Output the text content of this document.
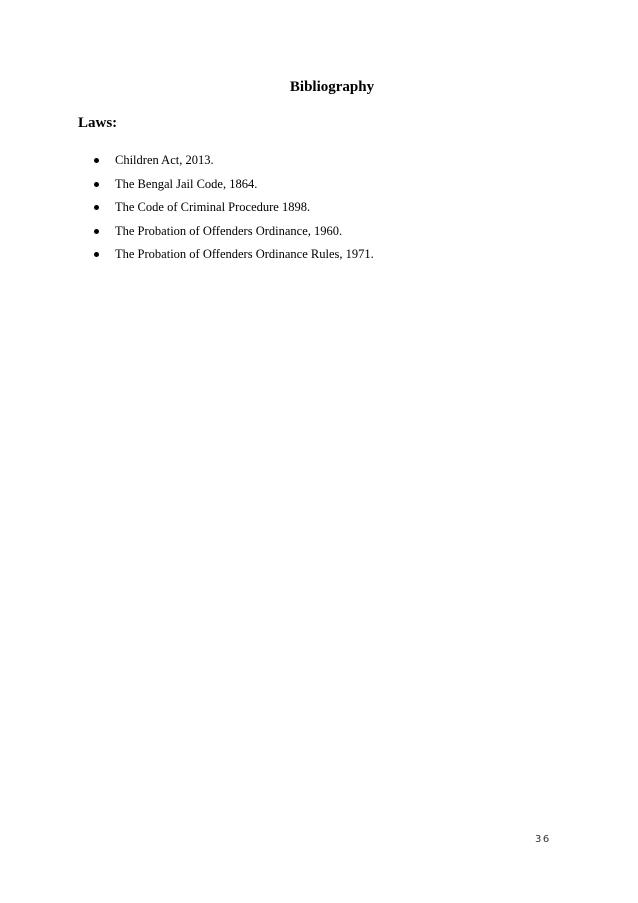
Bibliography
Laws:
Children Act, 2013.
The Bengal Jail Code, 1864.
The Code of Criminal Procedure 1898.
The Probation of Offenders Ordinance, 1960.
The Probation of Offenders Ordinance Rules, 1971.
36
